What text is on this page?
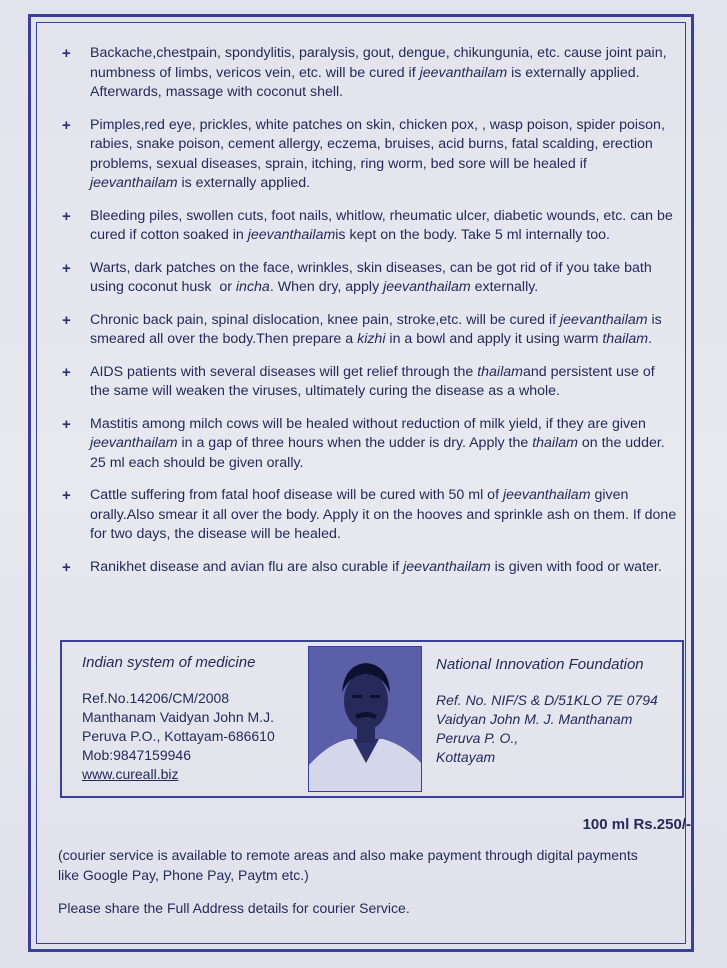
+	Backache,chestpain, spondylitis, paralysis, gout, dengue, chikungunia, etc. cause joint pain, numbness of limbs, vericos vein, etc. will be cured if jeevanthailam is externally applied. Afterwards, massage with coconut shell.
+	Pimples,red eye, prickles, white patches on skin, chicken pox, , wasp poison, spider poison, rabies, snake poison, cement allergy, eczema, bruises, acid burns, fatal scalding, erection problems, sexual diseases, sprain, itching, ring worm, bed sore will be healed if jeevanthailam is externally applied.
+	Bleeding piles, swollen cuts, foot nails, whitlow, rheumatic ulcer, diabetic wounds, etc. can be cured if cotton soaked in jeevanthailamis kept on the body. Take 5 ml internally too.
+	Warts, dark patches on the face, wrinkles, skin diseases, can be got rid of if you take bath using coconut husk  or incha. When dry, apply jeevanthailam externally.
+	Chronic back pain, spinal dislocation, knee pain, stroke,etc. will be cured if jeevanthailam is smeared all over the body.Then prepare a kizhi in a bowl and apply it using warm thailam.
+	AIDS patients with several diseases will get relief through the thailamand persistent use of the same will weaken the viruses, ultimately curing the disease as a whole.
+	Mastitis among milch cows will be healed without reduction of milk yield, if they are given jeevanthailam in a gap of three hours when the udder is dry. Apply the thailam on the udder. 25 ml each should be given orally.
+	Cattle suffering from fatal hoof disease will be cured with 50 ml of jeevanthailam given orally.Also smear it all over the body. Apply it on the hooves and sprinkle ash on them. If done for two days, the disease will be healed.
+	Ranikhet disease and avian flu are also curable if jeevanthailam is given with food or water.
Indian system of medicine
Ref.No.14206/CM/2008
Manthanam Vaidyan John M.J.
Peruva P.O., Kottayam-686610
Mob:9847159946
www.cureall.biz
National Innovation Foundation
Ref. No. NIF/S & D/51KLO 7E 0794
Vaidyan John M. J. Manthanam
Peruva P. O.,
Kottayam
100 ml Rs.250/-
(courier service is available to remote areas and also make payment through digital payments like Google Pay, Phone Pay, Paytm etc.)
Please share the Full Address details for courier Service.
